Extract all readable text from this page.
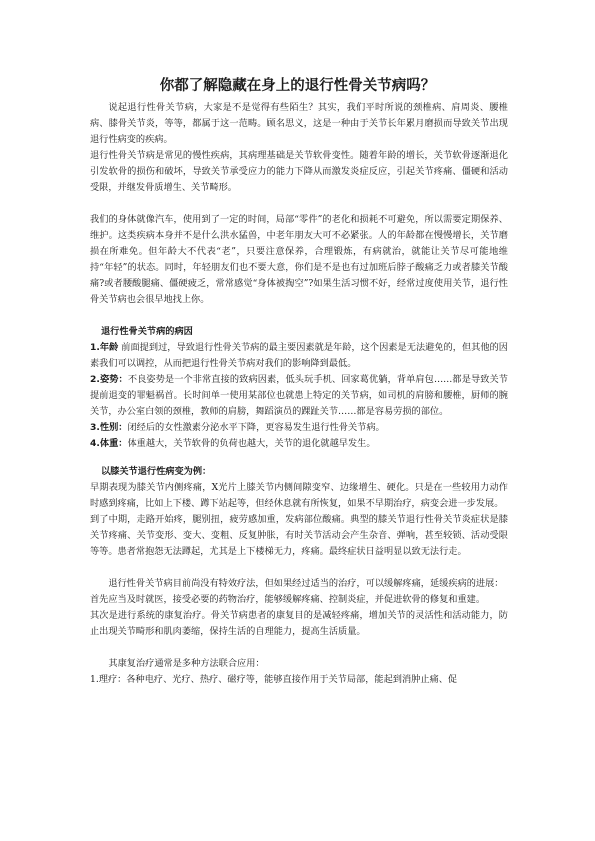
你都了解隐藏在身上的退行性骨关节病吗？

说起退行性骨关节病，大家是不是觉得有些陌生？其实，我们平时所说的颈椎病、肩周炎、腰椎病、膝骨关节炎，等等，都属于这一范畴。顾名思义，这是一种由于关节长年累月磨损而导致关节出现退行性病变的疾病。

退行性骨关节病是常见的慢性疾病，其病理基础是关节软骨变性。随着年龄的增长，关节软骨逐渐退化引发软骨的损伤和破坏，导致关节承受应力的能力下降从而激发炎症反应，引起关节疼痛、僵硬和活动受限，并继发骨质增生、关节畸形。

我们的身体就像汽车，使用到了一定的时间，局部“零件”的老化和损耗不可避免，所以需要定期保养、维护。这类疾病本身并不是什么洪水猛兽，中老年朋友大可不必紧张。人的年龄都在慢慢增长，关节磨损在所难免。但年龄大不代表“老”，只要注意保养，合理锻炼，有病就治，就能让关节尽可能地维持“年轻”的状态。同时，年轻朋友们也不要大意，你们是不是也有过加班后脖子酸痛乏力或者膝关节酸痛?或者腰酸腿痛、僵硬疲乏，常常感觉“身体被掏空”?如果生活习惯不好，经常过度使用关节，退行性骨关节病也会很早地找上你。

退行性骨关节病的病因

1.年龄 前面提到过，导致退行性骨关节病的最主要因素就是年龄，这个因素是无法避免的，但其他的因素我们可以调控，从而把退行性骨关节病对我们的影响降到最低。

2.姿势：不良姿势是一个非常直接的致病因素，低头玩手机、回家葛优躺，背单肩包……都是导致关节提前退变的罪魁祸首。长时间单一使用某部位也就患上特定的关节病，如司机的肩膀和腰椎，厨师的腕关节，办公室白领的颈椎，教师的肩膀，舞蹈演员的踝趾关节……都是容易劳损的部位。

3.性别：闭经后的女性激素分泌水平下降，更容易发生退行性骨关节病。

4.体重：体重越大，关节软骨的负荷也越大，关节的退化就越早发生。

以膝关节退行性病变为例：

早期表现为膝关节内侧疼痛，X光片上膝关节内侧间隙变窄、边缘增生、硬化。只是在一些较用力动作时感到疼痛，比如上下楼、蹲下站起等，但经休息就有所恢复，如果不早期治疗，病变会进一步发展。

到了中期，走路开始疼，腿别扭，疲劳感加重，发病部位酸痛。典型的膝关节退行性骨关节炎症状是膝关节疼痛、关节变形、变大、变粗、反复肿胀，有时关节活动会产生杂音、弹响，甚至较锁、活动受限等等。患者常抱怨无法蹲起，尤其是上下楼梯无力，疼痛。最终症状日益明显以致无法行走。

退行性骨关节病目前尚没有特效疗法，但如果经过适当的治疗，可以缓解疼痛，延缓疾病的进展：

首先应当及时就医，接受必要的药物治疗，能够缓解疼痛、控制炎症，并促进软骨的修复和重建。

其次是进行系统的康复治疗。骨关节病患者的康复目的是减轻疼痛，增加关节的灵活性和活动能力，防止出现关节畸形和肌肉萎缩，保持生活的自理能力，提高生活质量。

其康复治疗通常是多种方法联合应用：

1.理疗：各种电疗、光疗、热疗、磁疗等，能够直接作用于关节局部，能起到消肿止痛、促
